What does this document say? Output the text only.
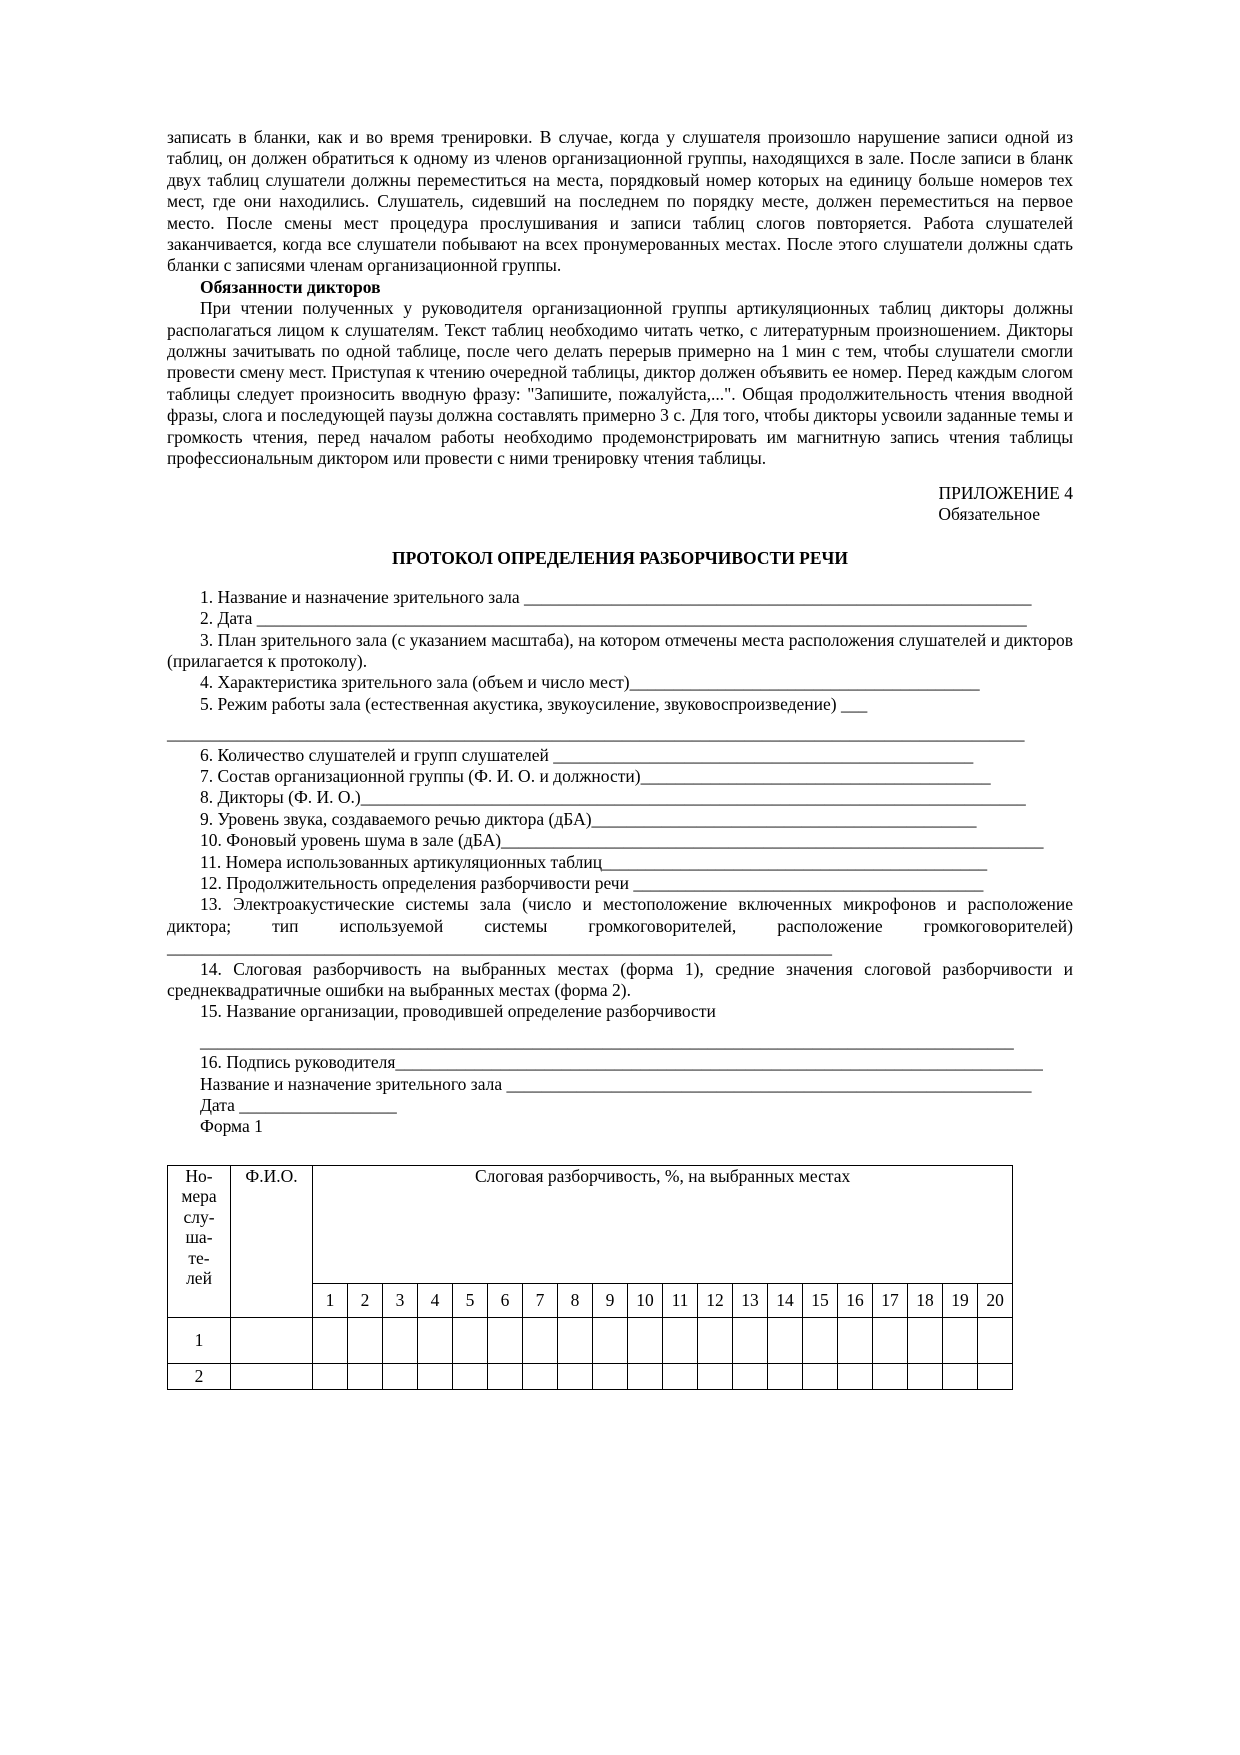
записать в бланки, как и во время тренировки. В случае, когда у слушателя произошло нарушение записи одной из таблиц, он должен обратиться к одному из членов организационной группы, находящихся в зале. После записи в бланк двух таблиц слушатели должны переместиться на места, порядковый номер которых на единицу больше номеров тех мест, где они находились. Слушатель, сидевший на последнем по порядку месте, должен переместиться на первое место. После смены мест процедура прослушивания и записи таблиц слогов повторяется. Работа слушателей заканчивается, когда все слушатели побывают на всех пронумерованных местах. После этого слушатели должны сдать бланки с записями членам организационной группы.

Обязанности дикторов

При чтении полученных у руководителя организационной группы артикуляционных таблиц дикторы должны располагаться лицом к слушателям. Текст таблиц необходимо читать четко, с литературным произношением. Дикторы должны зачитывать по одной таблице, после чего делать перерыв примерно на 1 мин с тем, чтобы слушатели смогли провести смену мест. Приступая к чтению очередной таблицы, диктор должен объявить ее номер. Перед каждым слогом таблицы следует произносить вводную фразу: "Запишите, пожалуйста,...". Общая продолжительность чтения вводной фразы, слога и последующей паузы должна составлять примерно 3 с. Для того, чтобы дикторы усвоили заданные темы и громкость чтения, перед началом работы необходимо продемонстрировать им магнитную запись чтения таблицы профессиональным диктором или провести с ними тренировку чтения таблицы.

ПРИЛОЖЕНИЕ 4
Обязательное
ПРОТОКОЛ ОПРЕДЕЛЕНИЯ РАЗБОРЧИВОСТИ РЕЧИ

1. Название и назначение зрительного зала __________________________________________________________

2. Дата ________________________________________________________________________________________

3. План зрительного зала (с указанием масштаба), на котором отмечены места расположения слушателей и дикторов (прилагается к протоколу).

4. Характеристика зрительного зала (объем и число мест)________________________________________

5. Режим работы зала (естественная акустика, звукоусиление, звуковоспроизведение) ___

__________________________________________________________________________________________________

6. Количество слушателей и групп слушателей ________________________________________________

7. Состав организационной группы (Ф. И. О. и должности)________________________________________

8. Дикторы (Ф. И. О.)____________________________________________________________________________

9. Уровень звука, создаваемого речью диктора (дБА)____________________________________________

10. Фоновый уровень шума в зале (дБА)______________________________________________________________

11. Номера использованных артикуляционных таблиц____________________________________________

12. Продолжительность определения разборчивости речи ________________________________________

13. Электроакустические системы зала (число и местоположение включенных микрофонов и расположение диктора; тип используемой системы громкоговорителей, расположение громкоговорителей) ____________________________________________________________________________

14. Слоговая разборчивость на выбранных местах (форма 1), средние значения слоговой разборчивости и среднеквадратичные ошибки на выбранных местах (форма 2).

15. Название организации, проводившей определение разборчивости

_____________________________________________________________________________________________

16. Подпись руководителя__________________________________________________________________________

Название и назначение зрительного зала ____________________________________________________________

Дата __________________

Форма 1

Но-
мера
слу-
ша-
те-
лей
	Ф.И.О.	Слоговая разборчивость, %, на выбранных местах
		1	2	3	4	5	6	7	8	9	10	11	12	13	14	15	16	17	18	19	20
1																					
2																					
